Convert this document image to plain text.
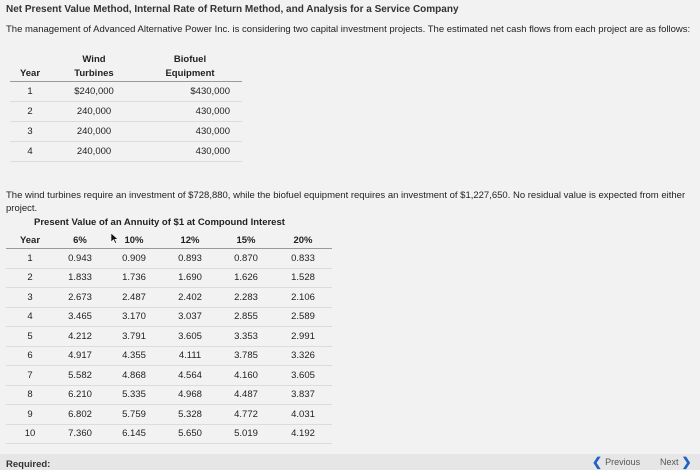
Net Present Value Method, Internal Rate of Return Method, and Analysis for a Service Company
The management of Advanced Alternative Power Inc. is considering two capital investment projects. The estimated net cash flows from each project are as follows:
	Wind	Biofuel
Year	Turbines	Equipment
1	$240,000	$430,000
2	240,000	430,000
3	240,000	430,000
4	240,000	430,000
The wind turbines require an investment of $728,880, while the biofuel equipment requires an investment of $1,227,650. No residual value is expected from either project.
Present Value of an Annuity of $1 at Compound Interest
Year	6%	10%	12%	15%	20%
1	0.943	0.909	0.893	0.870	0.833
2	1.833	1.736	1.690	1.626	1.528
3	2.673	2.487	2.402	2.283	2.106
4	3.465	3.170	3.037	2.855	2.589
5	4.212	3.791	3.605	3.353	2.991
6	4.917	4.355	4.111	3.785	3.326
7	5.582	4.868	4.564	4.160	3.605
8	6.210	5.335	4.968	4.487	3.837
9	6.802	5.759	5.328	4.772	4.031
10	7.360	6.145	5.650	5.019	4.192
Required:	❮ Previous Next ❯
